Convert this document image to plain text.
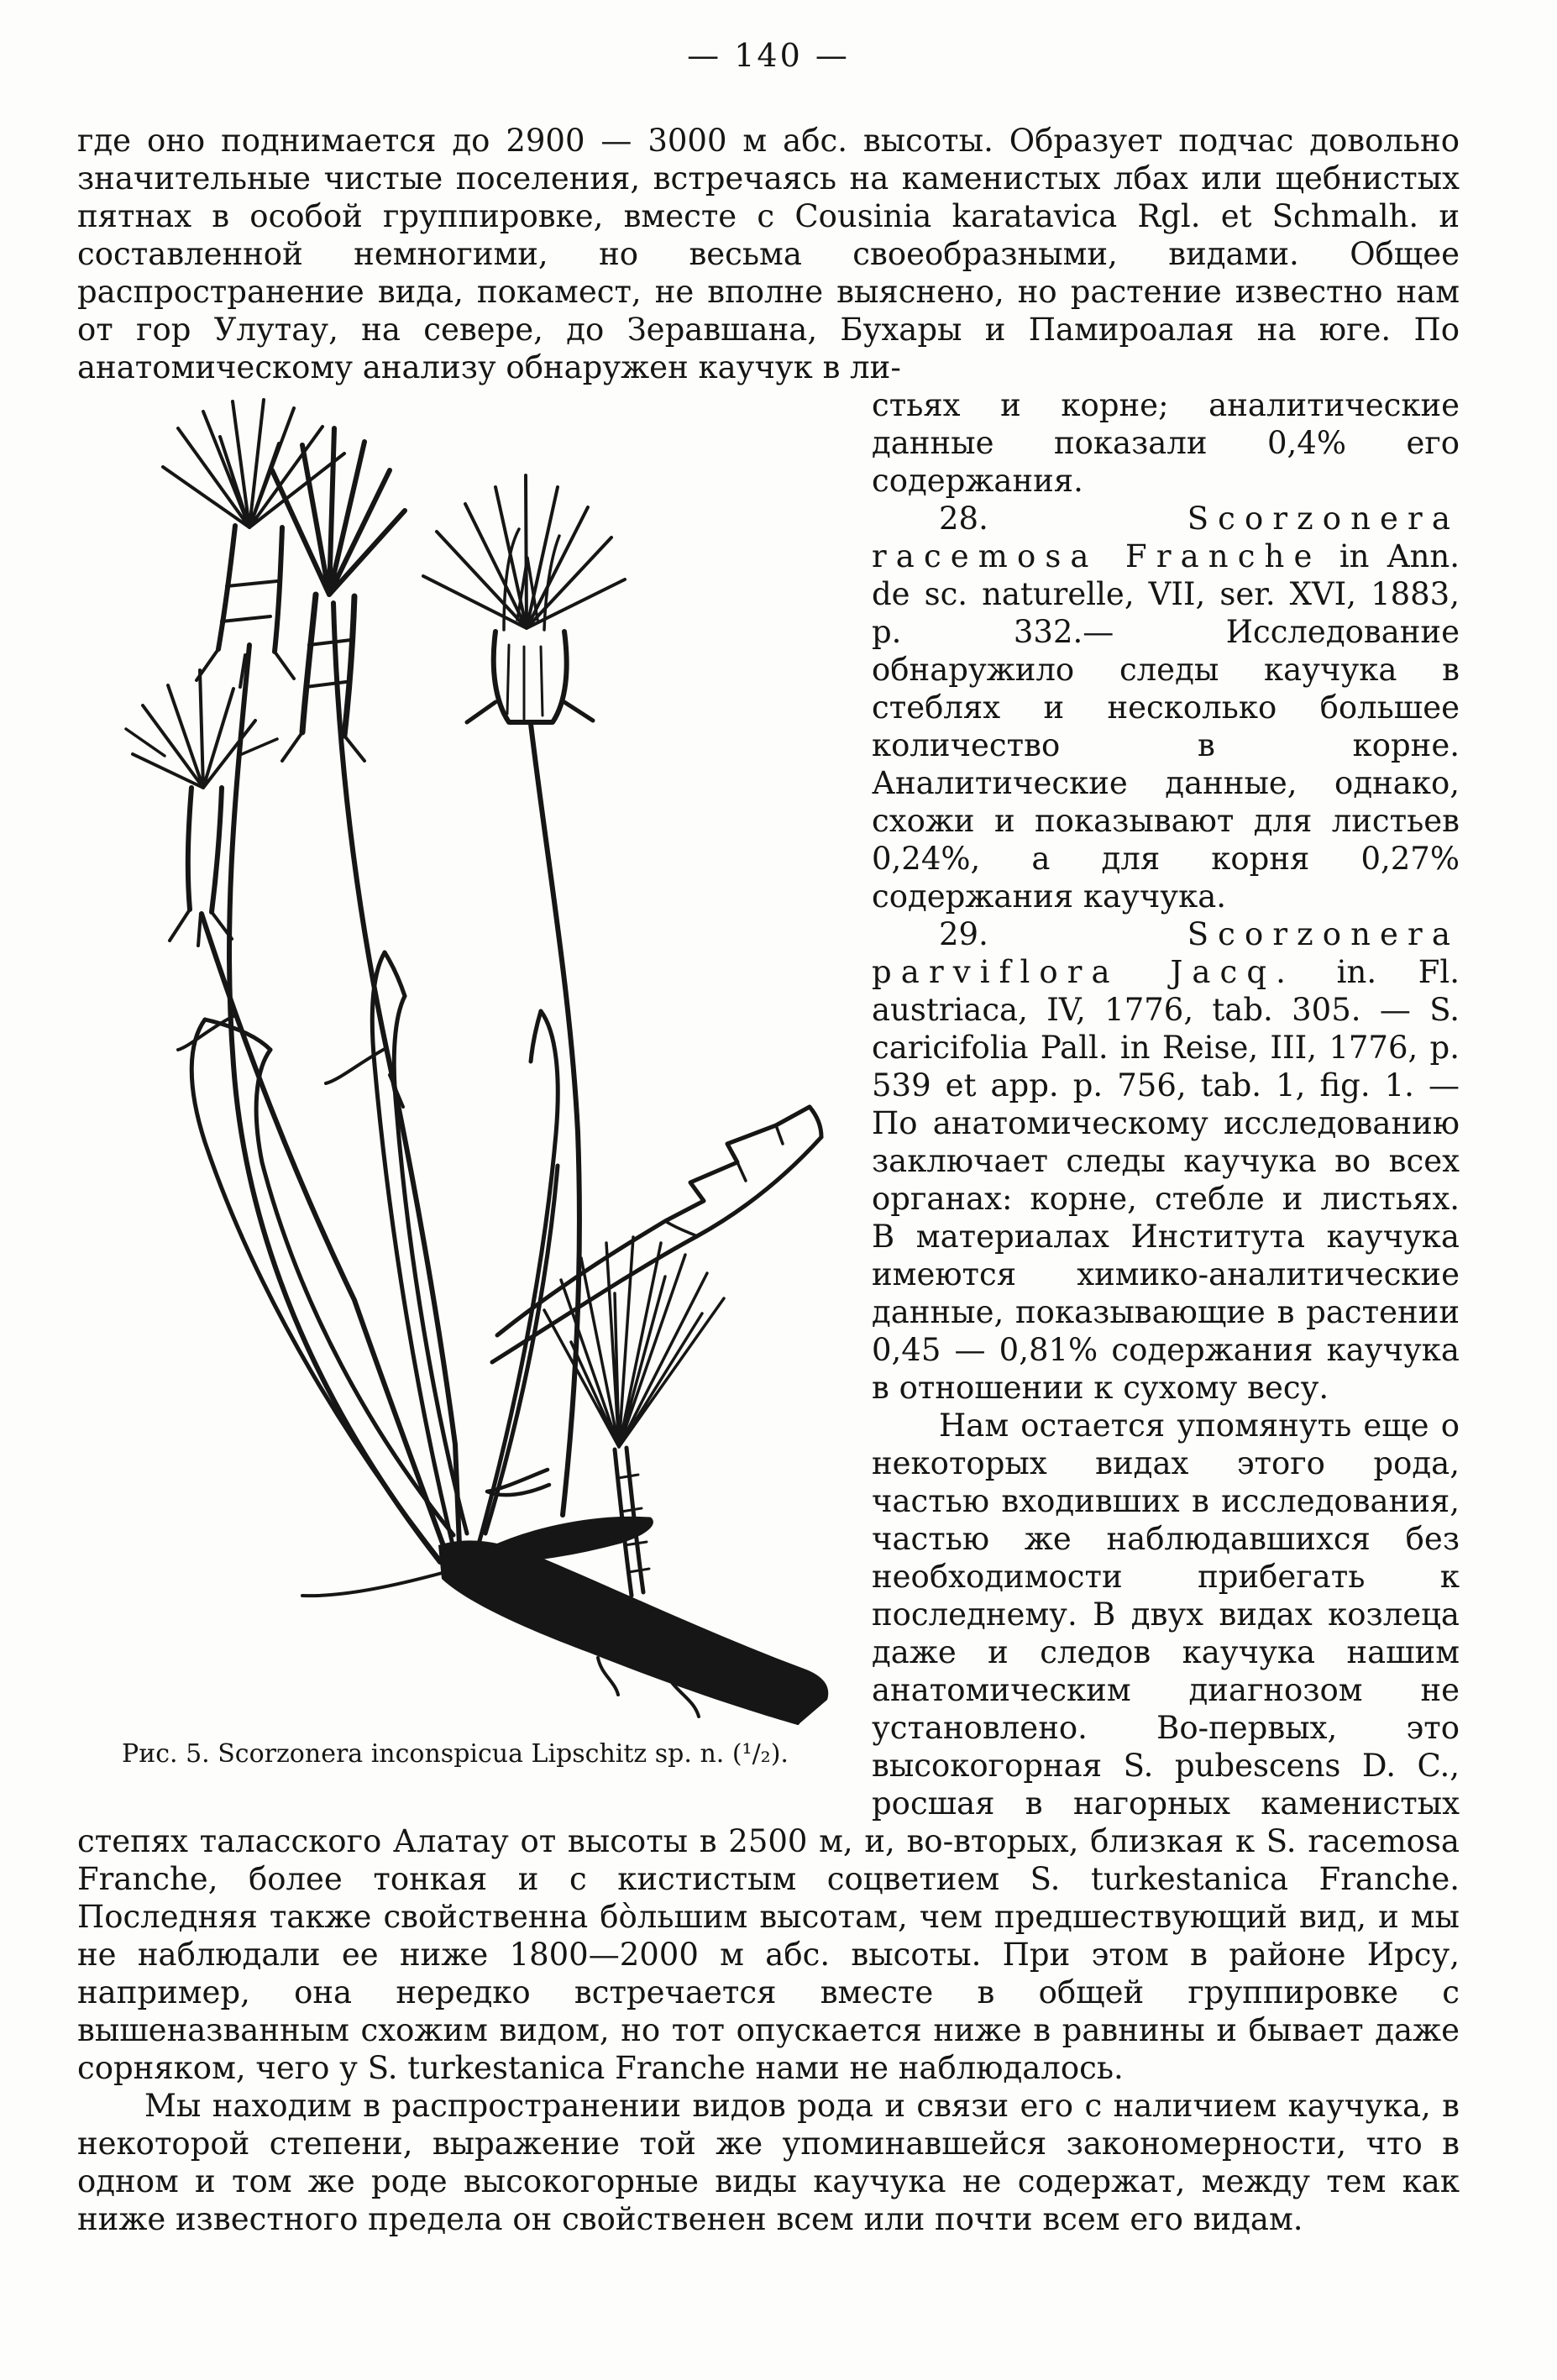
— 140 —

где оно поднимается до 2900 — 3000 м абс. высоты. Образует подчас довольно значительные чистые поселения, встречаясь на каменистых лбах или щебнистых пятнах в особой группировке, вместе с Cousinia karatavica Rgl. et Schmalh. и составленной немногими, но весьма своеобразными, видами. Общее распространение вида, покамест, не вполне выяснено, но растение известно нам от гор Улутау, на севере, до Зеравшана, Бухары и Памироалая на юге. По анатомическому анализу обнаружен каучук в ли-

Рис. 5. Scorzonera inconspicua Lipschitz sp. n. (¹/₂).

стьях и корне; аналитические данные показали 0,4% его содержания.

28. Scorzonera racemosa Franche in Ann. de sc. naturelle, VII, ser. XVI, 1883, p. 332.— Исследование обнаружило следы каучука в стеблях и несколько большее количество в корне. Аналитические данные, однако, схожи и показывают для листьев 0,24%, а для корня 0,27% содержания каучука.

29. Scorzonera parviflora Jacq. in. Fl. austriaca, IV, 1776, tab. 305. — S. caricifolia Pall. in Reise, III, 1776, p. 539 et app. p. 756, tab. 1, fig. 1. — По анатомическому исследованию заключает следы каучука во всех органах: корне, стебле и листьях. В материалах Института каучука имеются химико-аналитические данные, показывающие в растении 0,45 — 0,81% содержания каучука в отношении к сухому весу.

Нам остается упомянуть еще о некоторых видах этого рода, частью входивших в исследования, частью же наблюдавшихся без необходимости прибегать к последнему. В двух видах козлеца даже и следов каучука нашим анатомическим диагнозом не установлено. Во-первых, это высокогорная S. pubescens D. C., росшая в нагорных каменистых степях таласского Алатау от высоты в 2500 м, и, во-вторых, близкая к S. racemosa Franche, более тонкая и с кистистым соцветием S. turkestanica Franche. Последняя также свойственна бо̀льшим высотам, чем предшествующий вид, и мы не наблюдали ее ниже 1800—2000 м абс. высоты. При этом в районе Ирсу, например, она нередко встречается вместе в общей группировке с вышеназванным схожим видом, но тот опускается ниже в равнины и бывает даже сорняком, чего у S. turkestanica Franche нами не наблюдалось.

Мы находим в распространении видов рода и связи его с наличием каучука, в некоторой степени, выражение той же упоминавшейся закономерности, что в одном и том же роде высокогорные виды каучука не содержат, между тем как ниже известного предела он свойственен всем или почти всем его видам.
